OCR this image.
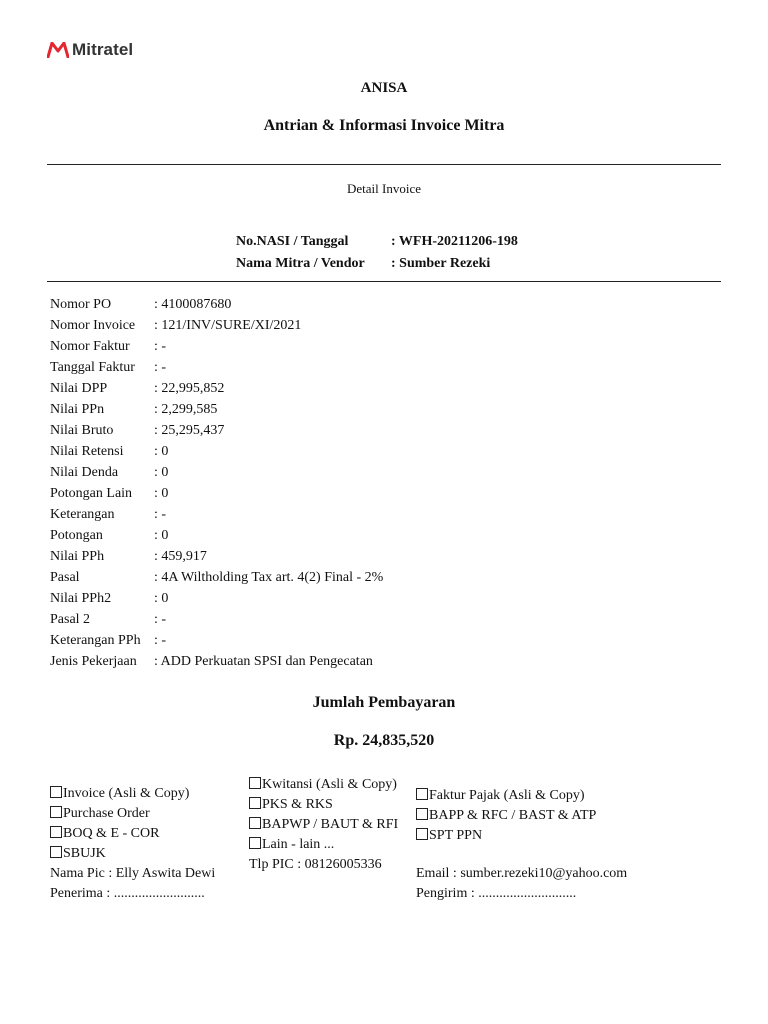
Mitratel
ANISA
Antrian & Informasi Invoice Mitra
Detail Invoice
No.NASI / Tanggal	: WFH-20211206-198
Nama Mitra / Vendor	: Sumber Rezeki
Nomor PO	: 4100087680
Nomor Invoice	: 121/INV/SURE/XI/2021
Nomor Faktur	: -
Tanggal Faktur	: -
Nilai DPP	: 22,995,852
Nilai PPn	: 2,299,585
Nilai Bruto	: 25,295,437
Nilai Retensi	: 0
Nilai Denda	: 0
Potongan Lain	: 0
Keterangan	: -
Potongan	: 0
Nilai PPh	: 459,917
Pasal	: 4A Wiltholding Tax art. 4(2) Final - 2%
Nilai PPh2	: 0
Pasal 2	: -
Keterangan PPh : -
Jenis Pekerjaan	: ADD Perkuatan SPSI dan Pengecatan
Jumlah Pembayaran
Rp. 24,835,520
Invoice (Asli & Copy)
Purchase Order
BOQ & E - COR
SBUJK
Nama Pic : Elly Aswita Dewi
Penerima : ..........................
Kwitansi (Asli & Copy)
PKS & RKS
BAPWP / BAUT & RFI
Lain - lain ...
Tlp PIC : 08126005336
Faktur Pajak (Asli & Copy)
BAPP & RFC / BAST & ATP
SPT PPN
Email : sumber.rezeki10@yahoo.com
Pengirim : ............................
